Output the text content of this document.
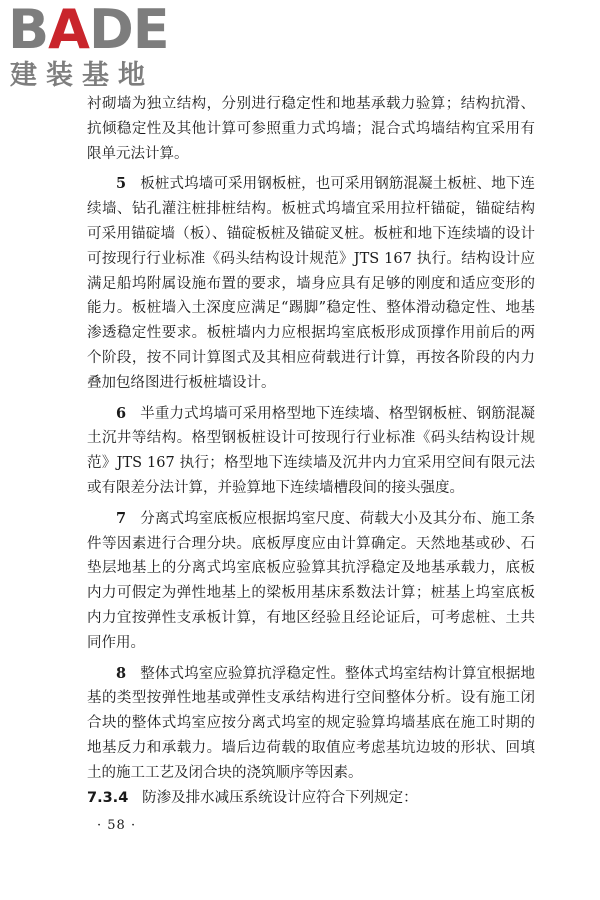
BADE
建装基地

衬砌墙为独立结构，分别进行稳定性和地基承载力验算；结构抗滑、抗倾稳定性及其他计算可参照重力式坞墙；混合式坞墙结构宜采用有限单元法计算。

5 板桩式坞墙可采用钢板桩，也可采用钢筋混凝土板桩、地下连续墙、钻孔灌注桩排桩结构。板桩式坞墙宜采用拉杆锚碇，锚碇结构可采用锚碇墙（板）、锚碇板桩及锚碇叉桩。板桩和地下连续墙的设计可按现行行业标准《码头结构设计规范》JTS 167 执行。结构设计应满足船坞附属设施布置的要求，墙身应具有足够的刚度和适应变形的能力。板桩墙入土深度应满足“踢脚”稳定性、整体滑动稳定性、地基渗透稳定性要求。板桩墙内力应根据坞室底板形成顶撑作用前后的两个阶段，按不同计算图式及其相应荷载进行计算，再按各阶段的内力叠加包络图进行板桩墙设计。

6 半重力式坞墙可采用格型地下连续墙、格型钢板桩、钢筋混凝土沉井等结构。格型钢板桩设计可按现行行业标准《码头结构设计规范》JTS 167 执行；格型地下连续墙及沉井内力宜采用空间有限元法或有限差分法计算，并验算地下连续墙槽段间的接头强度。

7 分离式坞室底板应根据坞室尺度、荷载大小及其分布、施工条件等因素进行合理分块。底板厚度应由计算确定。天然地基或砂、石垫层地基上的分离式坞室底板应验算其抗浮稳定及地基承载力，底板内力可假定为弹性地基上的梁板用基床系数法计算；桩基上坞室底板内力宜按弹性支承板计算，有地区经验且经论证后，可考虑桩、土共同作用。

8 整体式坞室应验算抗浮稳定性。整体式坞室结构计算宜根据地基的类型按弹性地基或弹性支承结构进行空间整体分析。设有施工闭合块的整体式坞室应按分离式坞室的规定验算坞墙基底在施工时期的地基反力和承载力。墙后边荷载的取值应考虑基坑边坡的形状、回填土的施工工艺及闭合块的浇筑顺序等因素。

7.3.4 防渗及排水减压系统设计应符合下列规定：

· 58 ·
